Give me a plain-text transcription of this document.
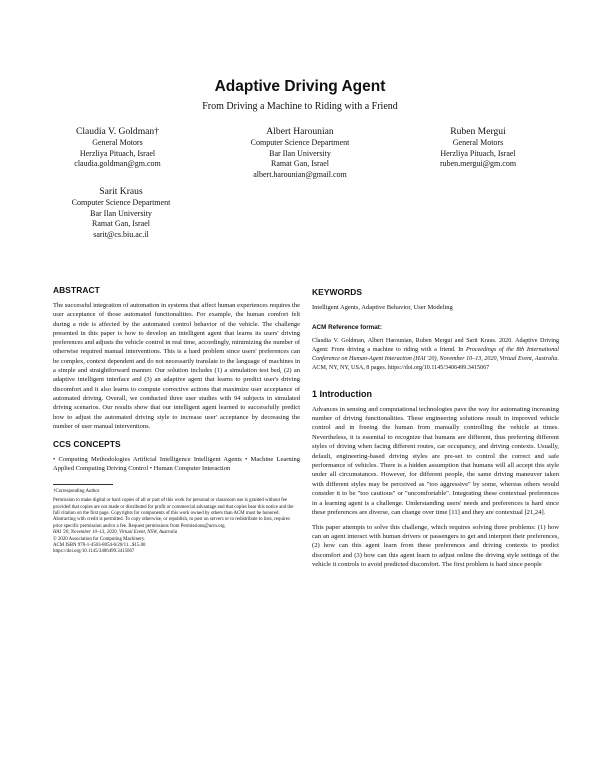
Adaptive Driving Agent
From Driving a Machine to Riding with a Friend
Claudia V. Goldman†
General Motors
Herzliya Pituach, Israel
claudia.goldman@gm.com
Albert Harounian
Computer Science Department
Bar Ilan University
Ramat Gan, Israel
albert.harounian@gmail.com
Ruben Mergui
General Motors
Herzliya Pituach, Israel
ruben.mergui@gm.com
Sarit Kraus
Computer Science Department
Bar Ilan University
Ramat Gan, Israel
sarit@cs.biu.ac.il
ABSTRACT

The successful integration of automation in systems that affect human experiences requires the user acceptance of those automated functionalities. For example, the human comfort felt during a ride is affected by the automated control behavior of the vehicle. The challenge presented in this paper is how to develop an intelligent agent that learns its users' driving preferences and adjusts the vehicle control in real time, accordingly, minimizing the number of otherwise required manual interventions. This is a hard problem since users' preferences can be complex, context dependent and do not necessarily translate to the language of machines in a simple and straightforward manner. Our solution includes (1) a simulation test bed, (2) an adaptive intelligent interface and (3) an adaptive agent that learns to predict user's driving discomfort and it also learns to compute corrective actions that maximize user acceptance of automated driving. Overall, we conducted three user studies with 94 subjects in simulated driving scenarios. Our results show that our intelligent agent learned to successfully predict how to adjust the automated driving style to increase user' acceptance by decreasing the number of user manual interventions.

CCS CONCEPTS

• Computing Methodologies Artificial Intelligence Intelligent Agents • Machine Learning Applied Computing Driving Control • Human Computer Interaction

†Corresponding Author

Permission to make digital or hard copies of all or part of this work for personal or classroom use is granted without fee provided that copies are not made or distributed for profit or commercial advantage and that copies bear this notice and the full citation on the first page. Copyrights for components of this work owned by others than ACM must be honored. Abstracting with credit is permitted. To copy otherwise, or republish, to post on servers or to redistribute to lists, requires prior specific permission and/or a fee. Request permissions from Permissions@acm.org.

HAI '20, November 10–13, 2020, Virtual Event, NSW, Australia

© 2020 Association for Computing Machinery.

ACM ISBN 978-1-4503-8054-6/20/11...$15.00

https://doi.org/10.1145/3406499.3415067

KEYWORDS

Intelligent Agents, Adaptive Behavior, User Modeling

ACM Reference format:

Claudia V. Goldman, Albert Harounian, Ruben Mergui and Sarit Kraus. 2020. Adaptive Driving Agent: From driving a machine to riding with a friend. In Proceedings of the 8th International Conference on Human-Agent Interaction (HAI '20), November 10–13, 2020, Virtual Event, Australia. ACM, NY, NY, USA, 8 pages. https://doi.org/10.1145/3406499.3415067

1 Introduction

Advances in sensing and computational technologies pave the way for automating increasing number of driving functionalities. These engineering solutions result in improved vehicle control and in freeing the human from manually controlling the vehicle at times. Nevertheless, it is essential to recognize that humans are different, thus preferring different styles of driving when facing different routes, car occupancy, and driving contexts. Usually, default, engineering-based driving styles are pre-set to control the correct and safe performance of vehicles. There is a hidden assumption that humans will all accept this style under all circumstances. However, for different people, the same driving maneuver taken with different styles may be perceived as "too aggressive" by some, whereas others would consider it to be "too cautious" or "uncomfortable". Integrating these contextual preferences in a learning agent is a challenge. Understanding users' needs and preferences is hard since these preferences are diverse, can change over time [11] and they are contextual [21,24].

This paper attempts to solve this challenge, which requires solving three problems: (1) how can an agent interact with human drivers or passengers to get and interpret their preferences, (2) how can this agent learn from these preferences and driving contexts to predict discomfort and (3) how can this agent learn to adjust online the driving style settings of the vehicle it controls to avoid predicted discomfort. The first problem is hard since people
